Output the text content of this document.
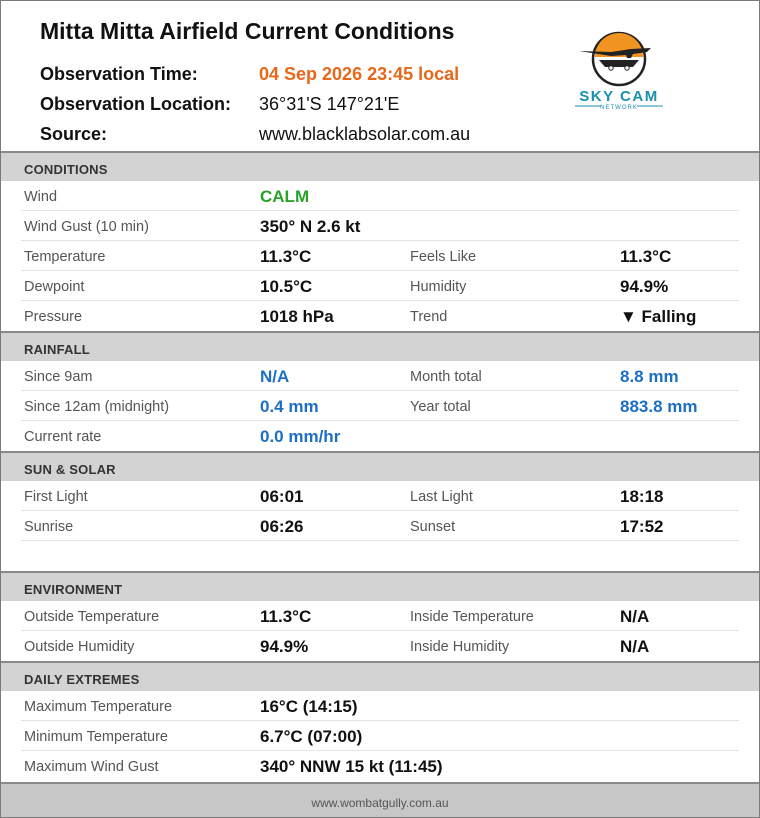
Mitta Mitta Airfield Current Conditions
Observation Time:	04 Sep 2026 23:45 local
Observation Location: 36°31'S 147°21'E
Source:	www.blacklabsolar.com.au
SKY CAM
NETWORK
CONDITIONS
Wind	CALM
Wind Gust (10 min)	350° N 2.6 kt
Temperature	11.3°C	Feels Like	11.3°C
Dewpoint	10.5°C	Humidity	94.9%
Pressure	1018 hPa	Trend	▼ Falling
RAINFALL
Since 9am	N/A	Month total	8.8 mm
Since 12am (midnight)	0.4 mm	Year total	883.8 mm
Current rate	0.0 mm/hr
SUN & SOLAR
First Light	06:01	Last Light	18:18
Sunrise	06:26	Sunset	17:52
ENVIRONMENT
Outside Temperature	11.3°C	Inside Temperature	N/A
Outside Humidity	94.9%	Inside Humidity	N/A
DAILY EXTREMES
Maximum Temperature	16°C (14:15)
Minimum Temperature	6.7°C (07:00)
Maximum Wind Gust	340° NNW 15 kt (11:45)
www.wombatgully.com.au
